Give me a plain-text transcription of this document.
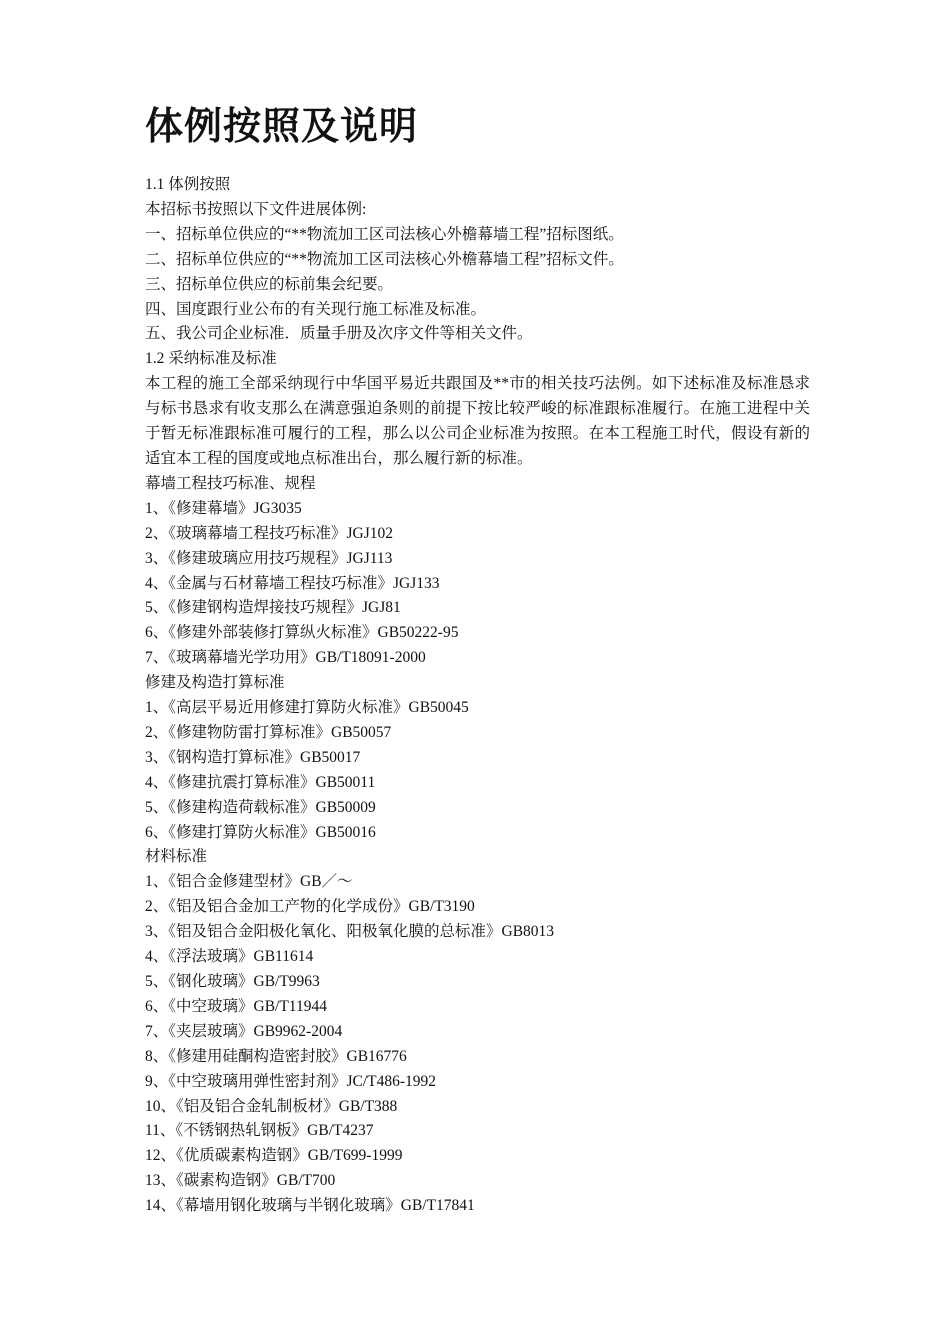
体例按照及说明
1.1 体例按照
本招标书按照以下文件进展体例:
一、招标单位供应的“**物流加工区司法核心外檐幕墙工程”招标图纸。
二、招标单位供应的“**物流加工区司法核心外檐幕墙工程”招标文件。
三、招标单位供应的标前集会纪要。
四、国度跟行业公布的有关现行施工标准及标准。
五、我公司企业标准．质量手册及次序文件等相关文件。
1.2 采纳标准及标准
本工程的施工全部采纳现行中华国平易近共跟国及**市的相关技巧法例。如下述标准及标准恳求与标书恳求有收支那么在满意强迫条则的前提下按比较严峻的标准跟标准履行。在施工进程中关于暂无标准跟标准可履行的工程，那么以公司企业标准为按照。在本工程施工时代，假设有新的适宜本工程的国度或地点标准出台，那么履行新的标准。
幕墙工程技巧标准、规程
1、《修建幕墙》JG3035
2、《玻璃幕墙工程技巧标准》JGJ102
3、《修建玻璃应用技巧规程》JGJ113
4、《金属与石材幕墙工程技巧标准》JGJ133
5、《修建钢构造焊接技巧规程》JGJ81
6、《修建外部装修打算纵火标准》GB50222-95
7、《玻璃幕墙光学功用》GB/T18091-2000
修建及构造打算标准
1、《高层平易近用修建打算防火标准》GB50045
2、《修建物防雷打算标准》GB50057
3、《钢构造打算标准》GB50017
4、《修建抗震打算标准》GB50011
5、《修建构造荷载标准》GB50009
6、《修建打算防火标准》GB50016
材料标准
1、《铝合金修建型材》GB／～
2、《铝及铝合金加工产物的化学成份》GB/T3190
3、《铝及铝合金阳极化氧化、阳极氧化膜的总标准》GB8013
4、《浮法玻璃》GB11614
5、《钢化玻璃》GB/T9963
6、《中空玻璃》GB/T11944
7、《夹层玻璃》GB9962-2004
8、《修建用硅酮构造密封胶》GB16776
9、《中空玻璃用弹性密封剂》JC/T486-1992
10、《铝及铝合金轧制板材》GB/T388
11、《不锈钢热轧钢板》GB/T4237
12、《优质碳素构造钢》GB/T699-1999
13、《碳素构造钢》GB/T700
14、《幕墙用钢化玻璃与半钢化玻璃》GB/T17841
